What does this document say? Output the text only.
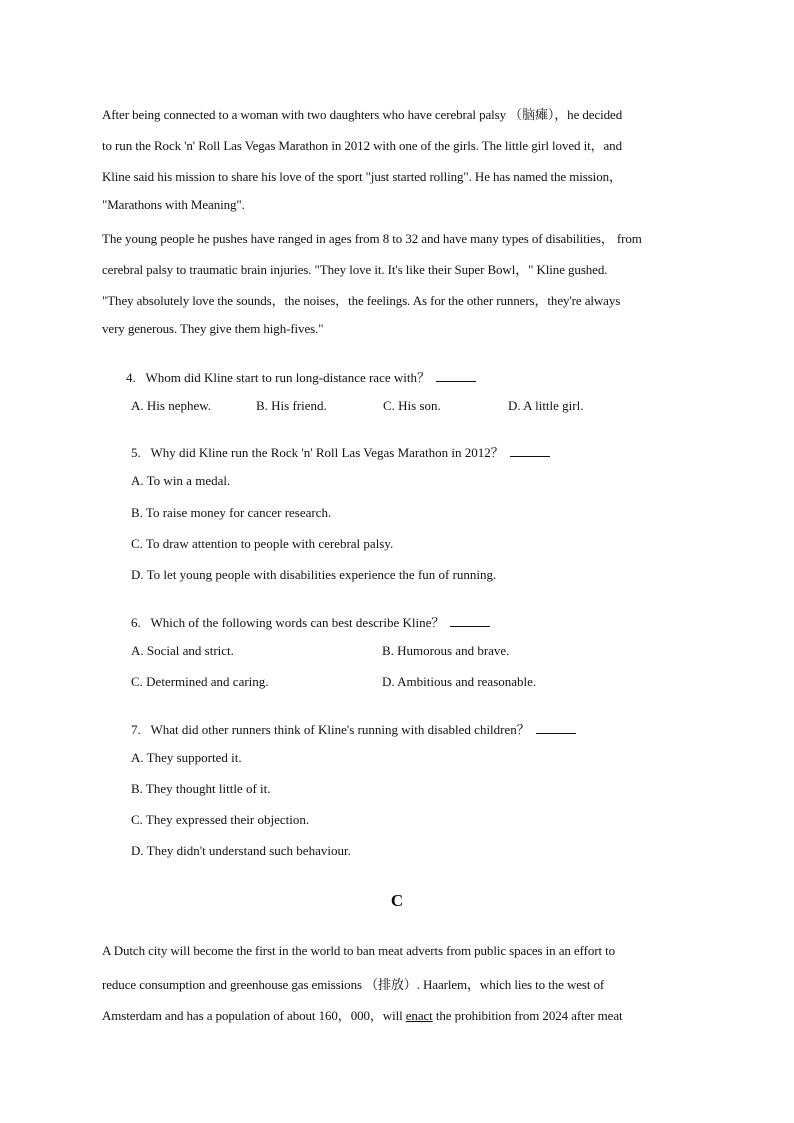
After being connected to a woman with two daughters who have cerebral palsy （脑瘫），he decided
to run the Rock 'n' Roll Las Vegas Marathon in 2012 with one of the girls. The little girl loved it，and
Kline said his mission to share his love of the sport "just started rolling". He has named the mission，
"Marathons with Meaning".
The young people he pushes have ranged in ages from 8 to 32 and have many types of disabilities， from
cerebral palsy to traumatic brain injuries. "They love it. It's like their Super Bowl，" Kline gushed.
"They absolutely love the sounds，the noises，the feelings. As for the other runners，they're always
very generous. They give them high-fives."
4. Whom did Kline start to run long-distance race with？
A. His nephew.	B. His friend.	C. His son.	D. A little girl.
5. Why did Kline run the Rock 'n' Roll Las Vegas Marathon in 2012？
A. To win a medal.
B. To raise money for cancer research.
C. To draw attention to people with cerebral palsy.
D. To let young people with disabilities experience the fun of running.
6. Which of the following words can best describe Kline？
A. Social and strict.	B. Humorous and brave.
C. Determined and caring.	D. Ambitious and reasonable.
7. What did other runners think of Kline's running with disabled children？
A. They supported it.
B. They thought little of it.
C. They expressed their objection.
D. They didn't understand such behaviour.
C
A Dutch city will become the first in the world to ban meat adverts from public spaces in an effort to
reduce consumption and greenhouse gas emissions （排放）. Haarlem，which lies to the west of
Amsterdam and has a population of about 160，000，will enact the prohibition from 2024 after meat
